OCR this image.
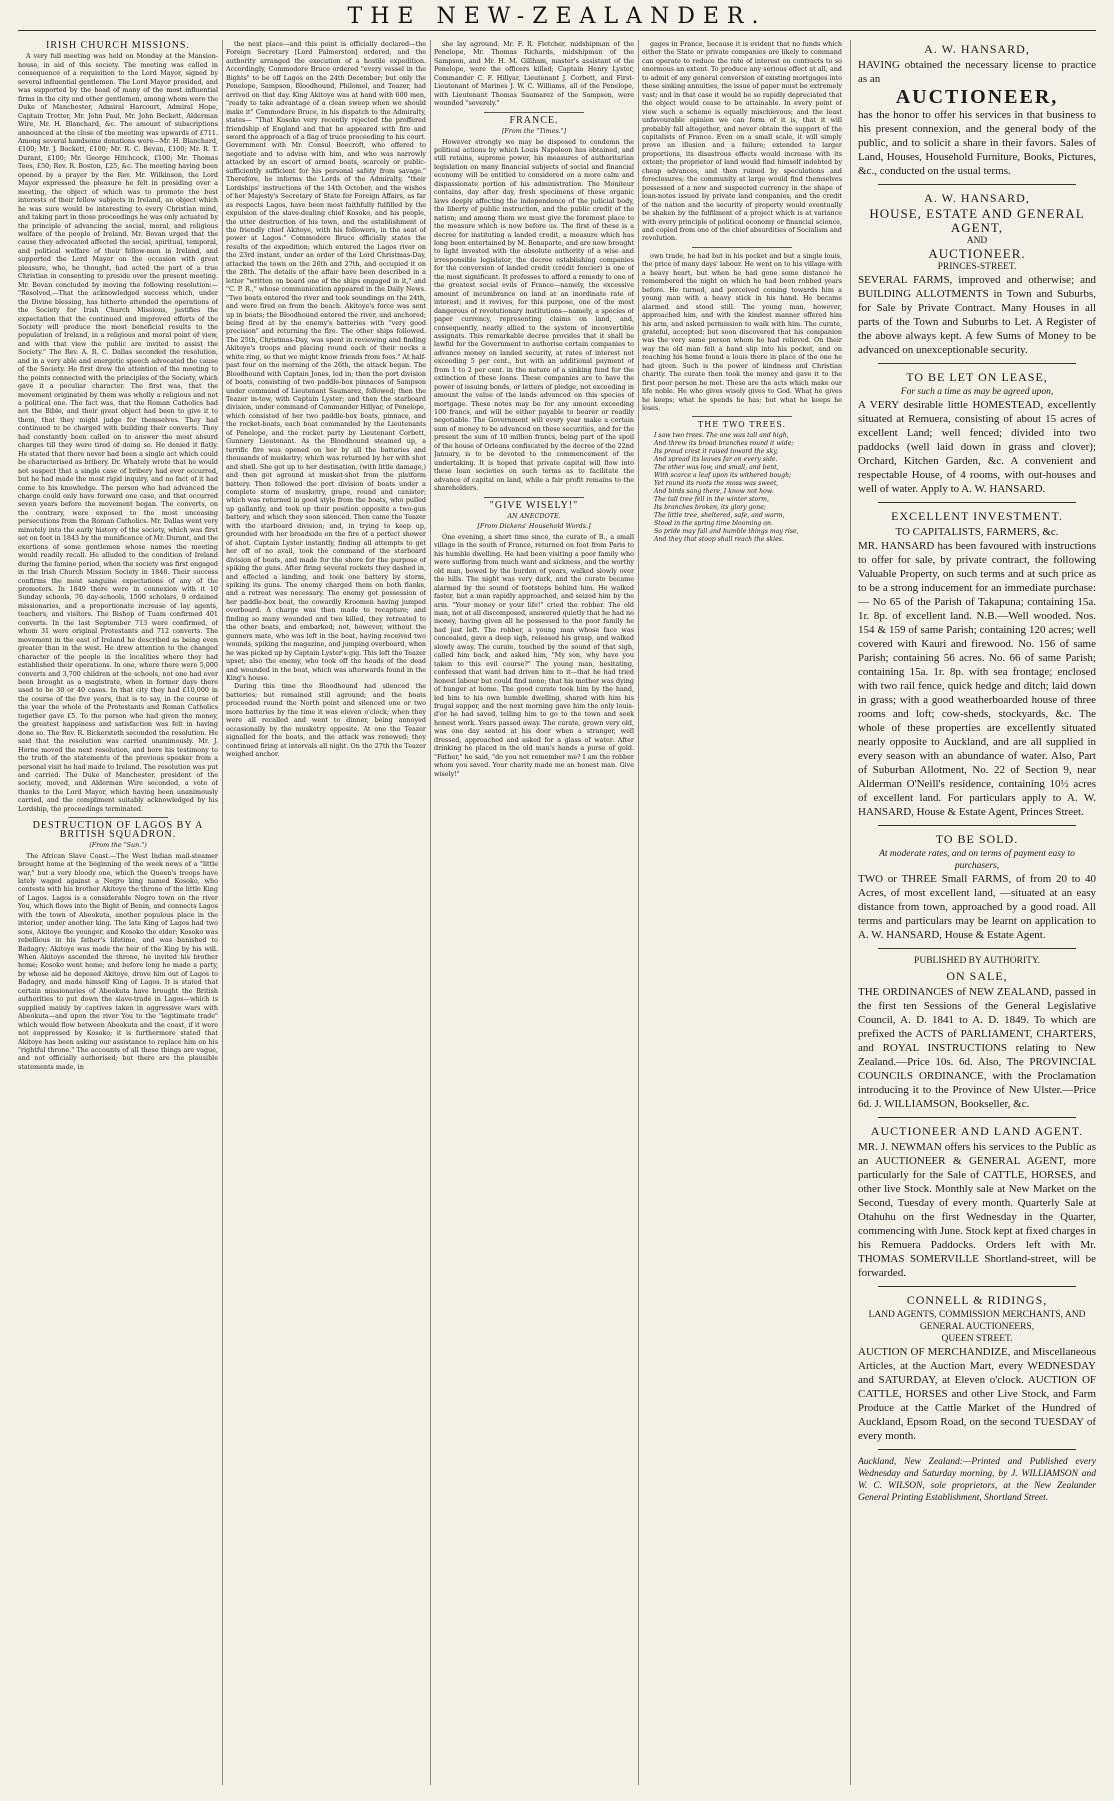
THE NEW-ZEALANDER.
IRISH CHURCH MISSIONS.

A very full meeting was held on Monday at the Mansion-house, in aid of this society. The meeting was called in consequence of a requisition to the Lord Mayor, signed by several influential gentlemen. The Lord Mayor presided, and was supported by the head of many of the most influential firms in the city and other gentlemen, among whom were the Duke of Manchester, Admiral Harcourt, Admiral Hope, Captain Trotter, Mr. John Paul, Mr. John Beckett, Alderman Wire, Mr. H. Blanchard, &c. The amount of subscriptions announced at the close of the meeting was upwards of £711. Among several handsome donations were—Mr. H. Blanchard, £100; Mr. J. Bockett, £100; Mr. R. C. Bevan, £100; Mr. R. T. Durant, £100; Mr. George Hitchcock, £100; Mr. Thomas Tees, £50; Rev. R. Boston, £25, &c. The meeting having been opened by a prayer by the Rev. Mr. Wilkinson, the Lord Mayor expressed the pleasure he felt in presiding over a meeting, the object of which was to promote the best interests of their fellow subjects in Ireland, an object which he was sure would be interesting to every Christian mind, and taking part in those proceedings he was only actuated by the principle of advancing the social, moral, and religious welfare of the people of Ireland. Mr. Bevan urged that the cause they advocated affected the social, spiritual, temporal, and political welfare of their fellow-men in Ireland, and supported the Lord Mayor on the occasion with great pleasure, who, he thought, had acted the part of a true Christian in consenting to preside over the present meeting. Mr. Bevan concluded by moving the following resolution:— "Resolved,—That the acknowledged success which, under the Divine blessing, has hitherto attended the operations of the Society for Irish Church Missions, justifies the expectation that the continued and improved efforts of the Society will produce the most beneficial results to the population of Ireland, in a religious and moral point of view, and with that view the public are invited to assist the Society." The Rev. A. R. C. Dallas seconded the resolution, and in a very able and energetic speech advocated the cause of the Society. He first drew the attention of the meeting to the points connected with the principles of the Society, which gave it a peculiar character. The first was, that the movement originated by them was wholly a religious and not a political one. The fact was, that the Roman Catholics had not the Bible, and their great object had been to give it to them, that they might judge for themselves. They had continued to be charged with building their converts. They had constantly been called on to answer the most absurd charges till they were tired of doing so. He denied it flatly. He stated that there never had been a single act which could be characterised as bribery. Dr. Whately wrote that he would not suspect that a single case of bribery had ever occurred, but he had made the most rigid inquiry, and no fact of it had come to his knowledge. The person who had advanced the charge could only have forward one case, and that occurred seven years before the movement began. The converts, on the contrary, were exposed to the most unceasing persecutions from the Roman Catholics. Mr. Dallas went very minutely into the early history of the society, which was first set on foot in 1843 by the munificence of Mr. Durant, and the exertions of some gentlemen whose names the meeting would readily recall. He alluded to the condition of Ireland during the famine period, when the society was first engaged in the Irish Church Mission Society in 1848. Their success confirms the most sanguine expectations of any of the promoters. In 1849 there were in connexion with it 10 Sunday schools, 76 day-schools, 1500 scholars, 9 ordained missionaries, and a proportionate increase of lay agents, teachers, and visitors. The Bishop of Tuam confirmed 401 converts. In the last September 713 were confirmed, of whom 31 were original Protestants and 712 converts. The movement in the east of Ireland he described as being even greater than in the west. He drew attention to the changed character of the people in the localities where they had established their operations. In one, where there were 5,000 converts and 3,700 children at the schools, not one had ever been brought as a magistrate, when in former days there used to be 30 or 40 cases. In that city they had £10,000 in the course of the five years, that is to say, in the course of the year the whole of the Protestants and Roman Catholics together gave £5. To the person who had given the money, the greatest happiness and satisfaction was felt in having done so. The Rev. R. Bickersteth seconded the resolution. He said that the resolution was carried unanimously. Mr. J. Horne moved the next resolution, and bore his testimony to the truth of the statements of the previous speaker from a personal visit he had made to Ireland. The resolution was put and carried. The Duke of Manchester, president of the society, moved, and Alderman Wire seconded, a vote of thanks to the Lord Mayor, which having been unanimously carried, and the compliment suitably acknowledged by his Lordship, the proceedings terminated.

DESTRUCTION OF LAGOS BY A BRITISH SQUADRON.
(From the "Sun.")

The African Slave Coast.—The West Indian mail-steamer brought home at the beginning of the week news of a "little war," but a very bloody one, which the Queen's troops have lately waged against a Negro king named Kosoko, who contests with his brother Akitoye the throne of the little King of Lagos. Lagos is a considerable Negro town on the river You, which flows into the Bight of Benin, and connects Lagos with the town of Abeokuta, another populous place in the interior, under another king. The late King of Lagos had two sons, Akitoye the younger, and Kosoko the elder; Kosoko was rebellious in his father's lifetime, and was banished to Badagry; Akitoye was made the heir of the King by his will. When Akitoye ascended the throne, he invited his brother home; Kosoko went home; and before long he made a party, by whose aid he deposed Akitoye, drove him out of Lagos to Badagry, and made himself King of Lagos. It is stated that certain missionaries of Abeokuta have brought the British authorities to put down the slave-trade in Lagos—which is supplied mainly by captives taken in aggressive wars with Abeokuta—and upon the river You to the "legitimate trade" which would flow between Abeokuta and the coast, if it were not suppressed by Kosoko; it is furthermore stated that Akitoye has been asking our assistance to replace him on his "rightful throne." The accounts of all these things are vague, and not officially authorised; but there are the plausible statements made, in

the next place—and this point is officially declared—the Foreign Secretary [Lord Palmerston] ordered, and the authority arranged the execution of a hostile expedition. Accordingly, Commodore Bruce ordered "every vessel in the Bights" to be off Lagos on the 24th December; but only the Penelope, Sampson, Bloodhound, Philomel, and Teazer, had arrived on that day. King Akitoye was at hand with 600 men, "ready to take advantage of a clean sweep when we should make it" Commodore Bruce, in his dispatch to the Admiralty, states— "That Kosoko very recently rejected the proffered friendship of England and that he appeared with fire and sword the approach of a flag of truce proceeding to his court. Government with Mr. Consul Beecroft, who offered to negotiate and to advise with him, and who was narrowly attacked by an escort of armed boats, scarcely or public-sufficiently sufficient for his personal safety from savage." Therefore, he informs the Lords of the Admiralty, "their Lordships' instructions of the 14th October, and the wishes of her Majesty's Secretary of State for Foreign Affairs, as far as respects Lagos, have been most faithfully fulfilled by the expulsion of the slave-dealing chief Kosoko, and his people, the utter destruction of his town, and the establishment of the friendly chief Akitoye, with his followers, in the seat of power at Lagos." Commodore Bruce officially states the results of the expedition; which entered the Lagos river on the 23rd instant, under an order of the Lord Christmas-Day, attacked the town on the 26th and 27th, and occupied it on the 28th. The details of the affair have been described in a letter "written on board one of the ships engaged in it," and "C. P. R.," whose communication appeared in the Daily News. "Two boats entered the river and took soundings on the 24th, and were fired on from the beach. Akitoye's force was sent up in boats; the Bloodhound entered the river, and anchored; being fired at by the enemy's batteries with "very good precision" and returning the fire. The other ships followed. The 25th, Christmas-Day, was spent in reviewing and finding Akitoye's troops and placing round each of their necks a white ring, so that we might know friends from foes." At half-past four on the morning of the 26th, the attack began. The Bloodhound with Captain Jones, led in; then the port division of boats, consisting of two paddle-box pinnaces of Sampson under command of Lieutenant Saumarez, followed; then the Teazer in-tow, with Captain Lyster; and then the starboard division, under command of Commander Hillyar, of Penelope, which consisted of her two paddle-box boats, pinnace, and the rocket-boats, each boat commanded by the Lieutenants of Penelope, and the rocket party by Lieutenant Corbett, Gunnery Lieutenant. As the Bloodhound steamed up, a terrific fire was opened on her by all the batteries and thousands of musketry; which was returned by her with shot and shell. She got up to her destination, (with little damage,) and then got aground at musket-shot from the platform battery. Then followed the port division of boats under a complete storm of musketry, grape, round and canister; which was returned in good style from the boats, who pulled up gallantly, and took up their position opposite a two-gun battery, and which they soon silenced. Then came the Teazer with the starboard division; and, in trying to keep up, grounded with her broadside on the fire of a perfect shower of shot. Captain Lyster instantly, finding all attempts to get her off of no avail, took the command of the starboard division of boats, and made for the shore for the purpose of spiking the guns. After firing several rockets they dashed in, and effected a landing, and took one battery by storm, spiking its guns. The enemy charged them on both flanks, and a retreat was necessary. The enemy got possession of her paddle-box boat, the cowardly Kroomen having jumped overboard. A charge was then made to recapture; and finding so many wounded and two killed, they retreated to the other boats, and embarked; not, however, without the gunners mate, who was left in the boat, having received two wounds, spiking the magazine, and jumping overboard, when he was picked up by Captain Lyster's gig. This left the Teazer upset; also the enemy, who took off the heads of the dead and wounded in the boat, which was afterwards found in the King's house.

During this time the Bloodhound had silenced the batteries; but remained still aground; and the boats proceeded round the North point and silenced one or two more batteries by the time it was eleven o'clock; when they were all recalled and went to dinner, being annoyed occasionally by the musketry opposite. At one the Teazer signalled for the boats, and the attack was renewed; they continued firing at intervals all night. On the 27th the Teazer weighed anchor.

she lay aground. Mr. F. R. Fletcher, midshipman of the Penelope, Mr. Thomas Richards, midshipman of the Sampson, and Mr. H. M. Gillham, master's assistant of the Penelope, were the officers killed; Captain Henry Lyster, Commander C. F. Hillyar, Lieutenant J. Corbett, and First-Lieutenant of Marines J. W. C. Williams, all of the Penelope, with Lieutenant Thomas Saumarez of the Sampson, were wounded "severely."

FRANCE.
[From the "Times."]

However strongly we may be disposed to condemn the political actions by which Louis Napoleon has obtained, and still retains, supreme power, his measures of authoritarian legislation on many financial subjects of social and financial economy will be entitled to considered on a more calm and dispassionate portion of his administration. The Moniteur contains, day after day, fresh specimens of these organic laws deeply affecting the independence of the judicial body, the liberty of public instruction, and the public credit of the nation; and among them we must give the foremost place to the measure which is now before us. The first of these is a decree for instituting a landed credit, a measure which has long been entertained by M. Bonaparte, and are now brought to light invested with the absolute authority of a wise and irresponsible legislator, the decree establishing companies for the conversion of landed credit (crédit foncier) is one of the most significant. It professes to afford a remedy to one of the greatest social evils of France—namely, the excessive amount of incumbrance on land at an inordinate rate of interest; and it revives, for this purpose, one of the most dangerous of revolutionary institutions—namely, a species of paper currency, representing claims on land, and, consequently, nearly allied to the system of inconvertible assignats. This remarkable decree provides that it shall be lawful for the Government to authorise certain companies to advance money on landed security, at rates of interest not exceeding 5 per cent., but with an additional payment of from 1 to 2 per cent. in the nature of a sinking fund for the extinction of these loans. These companies are to have the power of issuing bonds, or letters of pledge, not exceeding in amount the value of the lands advanced on this species of mortgage. These notes may be for any amount exceeding 100 francs, and will be either payable to bearer or readily negotiable. The Government will every year make a certain sum of money to be advanced on these securities, and for the present the sum of 10 million francs, being part of the spoil of the house of Orleans confiscated by the decree of the 22nd January, is to be devoted to the commencement of the undertaking. It is hoped that private capital will flow into these loan societies on such terms as to facilitate the advance of capital on land, while a fair profit remains to the shareholders.

"GIVE WISELY!"
AN ANECDOTE.
[From Dickens' Household Words.]

One evening, a short time since, the curate of B., a small village in the south of France, returned on foot from Paris to his humble dwelling. He had been visiting a poor family who were suffering from much want and sickness, and the worthy old man, bowed by the burden of years, walked slowly over the hills. The night was very dark, and the curate became alarmed by the sound of footsteps behind him. He walked faster, but a man rapidly approached, and seized him by the arm. "Your money or your life!" cried the robber. The old man, not at all discomposed, answered quietly that he had no money, having given all he possessed to the poor family he had just left. The robber, a young man whose face was concealed, gave a deep sigh, released his grasp, and walked slowly away. The curate, touched by the sound of that sigh, called him back, and asked him, "My son, why have you taken to this evil course?" The young man, hesitating, confessed that want had driven him to it—that he had tried honest labour but could find none; that his mother was dying of hunger at home. The good curate took him by the hand, led him to his own humble dwelling, shared with him his frugal supper, and the next morning gave him the only louis-d'or he had saved, telling him to go to the town and seek honest work. Years passed away. The curate, grown very old, was one day seated at his door when a stranger, well dressed, approached and asked for a glass of water. After drinking he placed in the old man's hands a purse of gold. "Father," he said, "do you not remember me? I am the robber whom you saved. Your charity made me an honest man. Give wisely!"

gages in France, because it is evident that no funds which either the State or private companies are likely to command can operate to reduce the rate of interest on contracts to so enormous an extent. To produce any serious effect at all, and to admit of any general conversion of existing mortgages into these sinking annuities, the issue of paper must be extremely vast; and in that case it would be so rapidly depreciated that the object would cease to be attainable. In every point of view such a scheme is equally mischievous; and the least unfavourable opinion we can form of it is, that it will probably fall altogether, and never obtain the support of the capitalists of France. Even on a small scale, it will simply prove an illusion and a failure; extended to larger proportions, its disastrous effects would increase with its extent; the proprietor of land would find himself indebted by cheap advances, and then ruined by speculations and foreclosures; the community at large would find themselves possessed of a new and suspected currency in the shape of loan-notes issued by private land companies, and the credit of the nation and the security of property would eventually be shaken by the fulfilment of a project which is at variance with every principle of political economy or financial science, and copied from one of the chief absurdities of Socialism and revolution.

own trade, he had but in his pocket and but a single louis, the price of many days' labour. He went on to his village with a heavy heart, but when he had gone some distance he remembered the night on which he had been robbed years before. He turned, and perceived coming towards him a young man with a heavy stick in his hand. He became alarmed and stood still. The young man, however, approached him, and with the kindest manner offered him his arm, and asked permission to walk with him. The curate, grateful, accepted; but soon discovered that his companion was the very same person whom he had relieved. On their way the old man felt a hand slip into his pocket, and on reaching his home found a louis there in place of the one he had given. Such is the power of kindness and Christian charity. The curate then took the money and gave it to the first poor person he met. These are the acts which make our life noble. He who gives wisely gives to God. What he gives he keeps; what he spends he has; but what he keeps he loses.

THE TWO TREES.
I saw two trees. The one was tall and high,
And threw its broad branches round it wide;
Its proud crest it raised toward the sky,
And spread its leaves far on every side.
The other was low, and small, and bent,
With scarce a leaf upon its withered bough;
Yet round its roots the moss was sweet,
And birds sang there, I know not how.
The tall tree fell in the winter storm,
Its branches broken, its glory gone;
The little tree, sheltered, safe, and warm,
Stood in the spring time blooming on.
So pride may fall and humble things may rise,
And they that stoop shall reach the skies.
A. W. HANSARD,
HAVING obtained the necessary license to practice as an
AUCTIONEER,
has the honor to offer his services in that business to his present connexion, and the general body of the public, and to solicit a share in their favors. Sales of Land, Houses, Household Furniture, Books, Pictures, &c., conducted on the usual terms.
A. W. HANSARD,
HOUSE, ESTATE AND GENERAL AGENT,
AND
AUCTIONEER.
PRINCES-STREET.
SEVERAL FARMS, improved and otherwise; and BUILDING ALLOTMENTS in Town and Suburbs, for Sale by Private Contract. Many Houses in all parts of the Town and Suburbs to Let. A Register of the above always kept. A few Sums of Money to be advanced on unexceptionable security.
TO BE LET ON LEASE,
For such a time as may be agreed upon,
A VERY desirable little HOMESTEAD, excellently situated at Remuera, consisting of about 15 acres of excellent Land; well fenced; divided into two paddocks (well laid down in grass and clover); Orchard, Kitchen Garden, &c. A convenient and respectable House, of 4 rooms, with out-houses and well of water. Apply to A. W. HANSARD.
EXCELLENT INVESTMENT.
TO CAPITALISTS, FARMERS, &c.
MR. HANSARD has been favoured with instructions to offer for sale, by private contract, the following Valuable Property, on such terms and at such price as to be a strong inducement for an immediate purchase:— No 65 of the Parish of Takapuna; containing 15a. 1r. 8p. of excellent land. N.B.—Well wooded. Nos. 154 & 159 of same Parish; containing 120 acres; well covered with Kauri and firewood. No. 156 of same Parish; containing 56 acres. No. 66 of same Parish; containing 15a. 1r. 8p. with sea frontage; enclosed with two rail fence, quick hedge and ditch; laid down in grass; with a good weatherboarded house of three rooms and loft; cow-sheds, stockyards, &c. The whole of these properties are excellently situated nearly opposite to Auckland, and are all supplied in every season with an abundance of water. Also, Part of Suburban Allotment, No. 22 of Section 9, near Alderman O'Neill's residence, containing 10½ acres of excellent land. For particulars apply to A. W. HANSARD, House & Estate Agent, Princes Street.
TO BE SOLD.
At moderate rates, and on terms of payment easy to purchasers,
TWO or THREE Small FARMS, of from 20 to 40 Acres, of most excellent land, —situated at an easy distance from town, approached by a good road. All terms and particulars may be learnt on application to A. W. HANSARD, House & Estate Agent.
PUBLISHED BY AUTHORITY.
ON SALE,
THE ORDINANCES of NEW ZEALAND, passed in the first ten Sessions of the General Legislative Council, A. D. 1841 to A. D. 1849. To which are prefixed the ACTS of PARLIAMENT, CHARTERS, and ROYAL INSTRUCTIONS relating to New Zealand.—Price 10s. 6d. Also, The PROVINCIAL COUNCILS ORDINANCE, with the Proclamation introducing it to the Province of New Ulster.—Price 6d. J. WILLIAMSON, Bookseller, &c.
AUCTIONEER AND LAND AGENT.
MR. J. NEWMAN offers his services to the Public as an AUCTIONEER & GENERAL AGENT, more particularly for the Sale of CATTLE, HORSES, and other live Stock. Monthly sale at New Market on the Second, Tuesday of every month. Quarterly Sale at Otahuhu on the first Wednesday in the Quarter, commencing with June. Stock kept at fixed charges in his Remuera Paddocks. Orders left with Mr. THOMAS SOMERVILLE Shortland-street, will be forwarded.
CONNELL & RIDINGS,
LAND AGENTS, COMMISSION MERCHANTS, AND GENERAL AUCTIONEERS,
QUEEN STREET.
AUCTION OF MERCHANDIZE, and Miscellaneous Articles, at the Auction Mart, every WEDNESDAY and SATURDAY, at Eleven o'clock. AUCTION OF CATTLE, HORSES and other Live Stock, and Farm Produce at the Cattle Market of the Hundred of Auckland, Epsom Road, on the second TUESDAY of every month.
Auckland, New Zealand:—Printed and Published every Wednesday and Saturday morning, by J. WILLIAMSON and W. C. WILSON, sole proprietors, at the New Zealander General Printing Establishment, Shortland Street.
